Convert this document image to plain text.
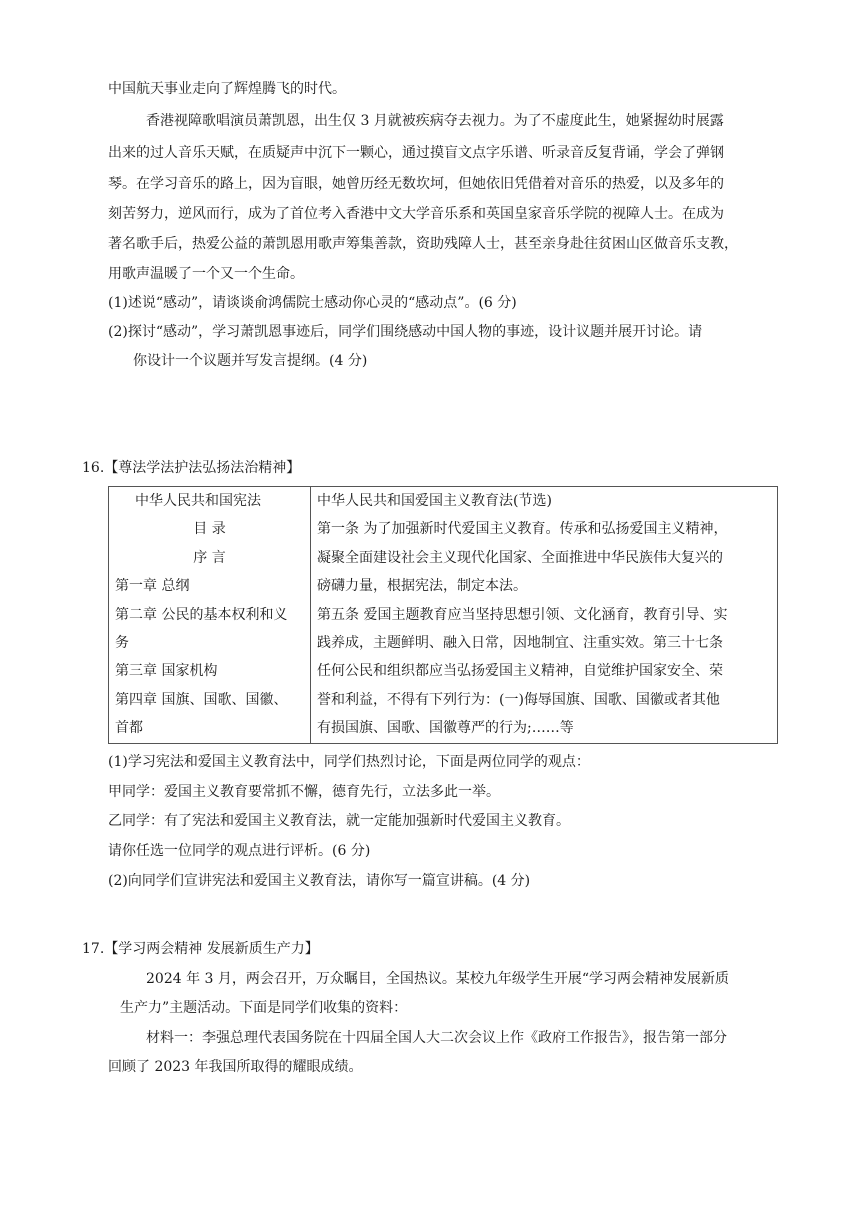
中国航天事业走向了辉煌腾飞的时代。
香港视障歌唱演员萧凯恩，出生仅 3 月就被疾病夺去视力。为了不虚度此生，她紧握幼时展露
出来的过人音乐天赋，在质疑声中沉下一颗心，通过摸盲文点字乐谱、听录音反复背诵，学会了弹钢
琴。在学习音乐的路上，因为盲眼，她曾历经无数坎坷，但她依旧凭借着对音乐的热爱，以及多年的
刻苦努力，逆风而行，成为了首位考入香港中文大学音乐系和英国皇家音乐学院的视障人士。在成为
著名歌手后，热爱公益的萧凯恩用歌声筹集善款，资助残障人士，甚至亲身赴往贫困山区做音乐支教，
用歌声温暖了一个又一个生命。
(1)述说“感动”，请谈谈俞鸿儒院士感动你心灵的“感动点”。(6 分)
(2)探讨“感动”，学习萧凯恩事迹后，同学们围绕感动中国人物的事迹，设计议题并展开讨论。请
你设计一个议题并写发言提纲。(4 分)
16.【尊法学法护法弘扬法治精神】
中华人民共和国宪法
目 录
序 言
第一章 总纲
第二章 公民的基本权利和义
务
第三章 国家机构
第四章 国旗、国歌、国徽、
首都

中华人民共和国爱国主义教育法(节选)
第一条 为了加强新时代爱国主义教育。传承和弘扬爱国主义精神，
凝聚全面建设社会主义现代化国家、全面推进中华民族伟大复兴的
磅礴力量，根据宪法，制定本法。
第五条 爱国主题教育应当坚持思想引领、文化涵育，教育引导、实
践养成，主题鲜明、融入日常，因地制宜、注重实效。第三十七条
任何公民和组织都应当弘扬爱国主义精神，自觉维护国家安全、荣
誉和利益，不得有下列行为：(一)侮辱国旗、国歌、国徽或者其他
有损国旗、国歌、国徽尊严的行为;……等
(1)学习宪法和爱国主义教育法中，同学们热烈讨论，下面是两位同学的观点：
甲同学：爱国主义教育要常抓不懈，德育先行，立法多此一举。
乙同学：有了宪法和爱国主义教育法，就一定能加强新时代爱国主义教育。
请你任选一位同学的观点进行评析。(6 分)
(2)向同学们宣讲宪法和爱国主义教育法，请你写一篇宣讲稿。(4 分)
17.【学习两会精神 发展新质生产力】
2024 年 3 月，两会召开，万众瞩目，全国热议。某校九年级学生开展“学习两会精神发展新质
生产力”主题活动。下面是同学们收集的资料：
材料一：李强总理代表国务院在十四届全国人大二次会议上作《政府工作报告》，报告第一部分
回顾了 2023 年我国所取得的耀眼成绩。
